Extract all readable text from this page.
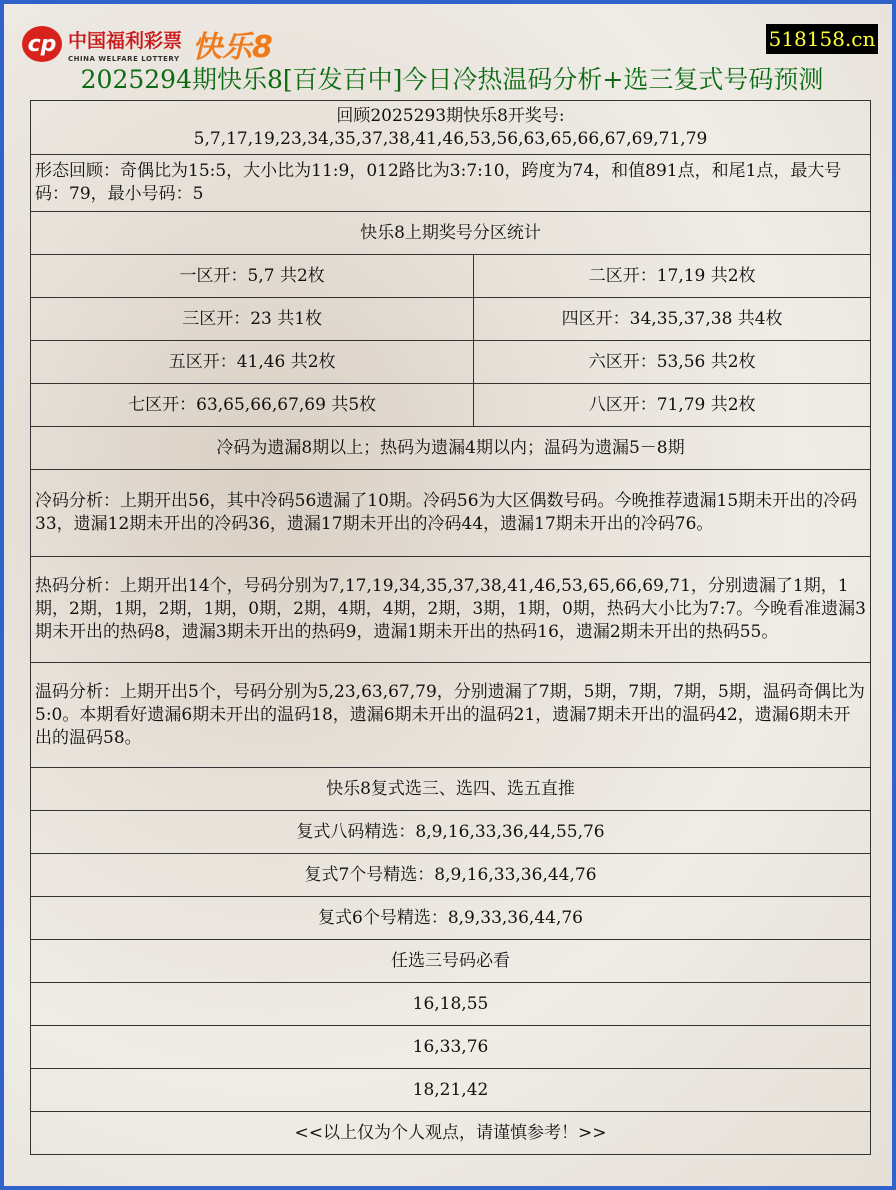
cp 中国福利彩票
CHINA WELFARE LOTTERY 快乐8	518158.cn
2025294期快乐8[百发百中]今日冷热温码分析+选三复式号码预测
回顾2025293期快乐8开奖号:
5,7,17,19,23,34,35,37,38,41,46,53,56,63,65,66,67,69,71,79	

形态回顾：奇偶比为15:5，大小比为11:9，012路比为3:7:10，跨度为74，和值891点，和尾1点，最大号码：79，最小号码：5	
快乐8上期奖号分区统计	
一区开：5,7 共2枚	二区开：17,19 共2枚
三区开：23 共1枚	四区开：34,35,37,38 共4枚
五区开：41,46 共2枚	六区开：53,56 共2枚
七区开：63,65,66,67,69 共5枚	八区开：71,79 共2枚
冷码为遗漏8期以上；热码为遗漏4期以内；温码为遗漏5－8期	
冷码分析：上期开出56，其中冷码56遗漏了10期。冷码56为大区偶数号码。今晚推荐遗漏15期未开出的冷码33，遗漏12期未开出的冷码36，遗漏17期未开出的冷码44，遗漏17期未开出的冷码76。	
热码分析：上期开出14个，号码分别为7,17,19,34,35,37,38,41,46,53,65,66,69,71，分别遗漏了1期，1期，2期，1期，2期，1期，0期，2期，4期，4期，2期，3期，1期，0期，热码大小比为7:7。今晚看准遗漏3期未开出的热码8，遗漏3期未开出的热码9，遗漏1期未开出的热码16，遗漏2期未开出的热码55。	
温码分析：上期开出5个，号码分别为5,23,63,67,79，分别遗漏了7期，5期，7期，7期，5期，温码奇偶比为5:0。本期看好遗漏6期未开出的温码18，遗漏6期未开出的温码21，遗漏7期未开出的温码42，遗漏6期未开出的温码58。	
快乐8复式选三、选四、选五直推	
复式八码精选：8,9,16,33,36,44,55,76	
复式7个号精选：8,9,16,33,36,44,76	
复式6个号精选：8,9,33,36,44,76	
任选三号码必看	
16,18,55	
16,33,76	
18,21,42	
<<以上仅为个人观点，请谨慎参考！>>	
